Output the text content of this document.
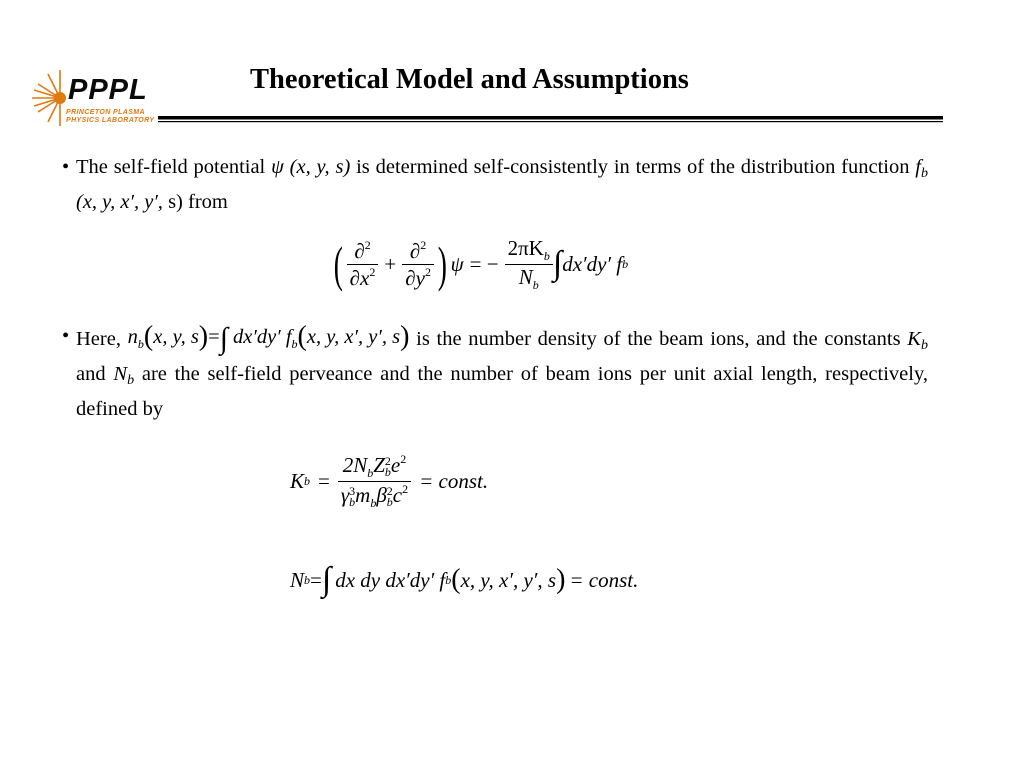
PPPL
PRINCETON PLASMA
PHYSICS LABORATORY
Theoretical Model and Assumptions
• The self-field potential ψ (x, y, s) is determined self-consistently in terms of the distribution function $f_b$ (x, y, x′, y′, s) from
( $\frac{\partial^2}{\partial x^2} + \frac{\partial^2}{\partial y^2}$ ) ψ = − $\frac{2\pi K_b}{N_b}$ ∫ dx′dy′ f b
• Here, $n_b(x$, y, s)=∫ dx′dy′ $f_b(x$, y, x′, y′, s) is the number density of the beam ions, and the constants $K_b$ and $N_b$ are the self-field perveance and the number of beam ions per unit axial length, respectively, defined by
K $b = 2N_bZ$ 2
b $e^2$
γ 3
b $m_b\beta$ 2
b $c^2$ = const.
N b = ∫ dx dy dx′dy′ f b ( x, y, x′, y′, s ) = const.
